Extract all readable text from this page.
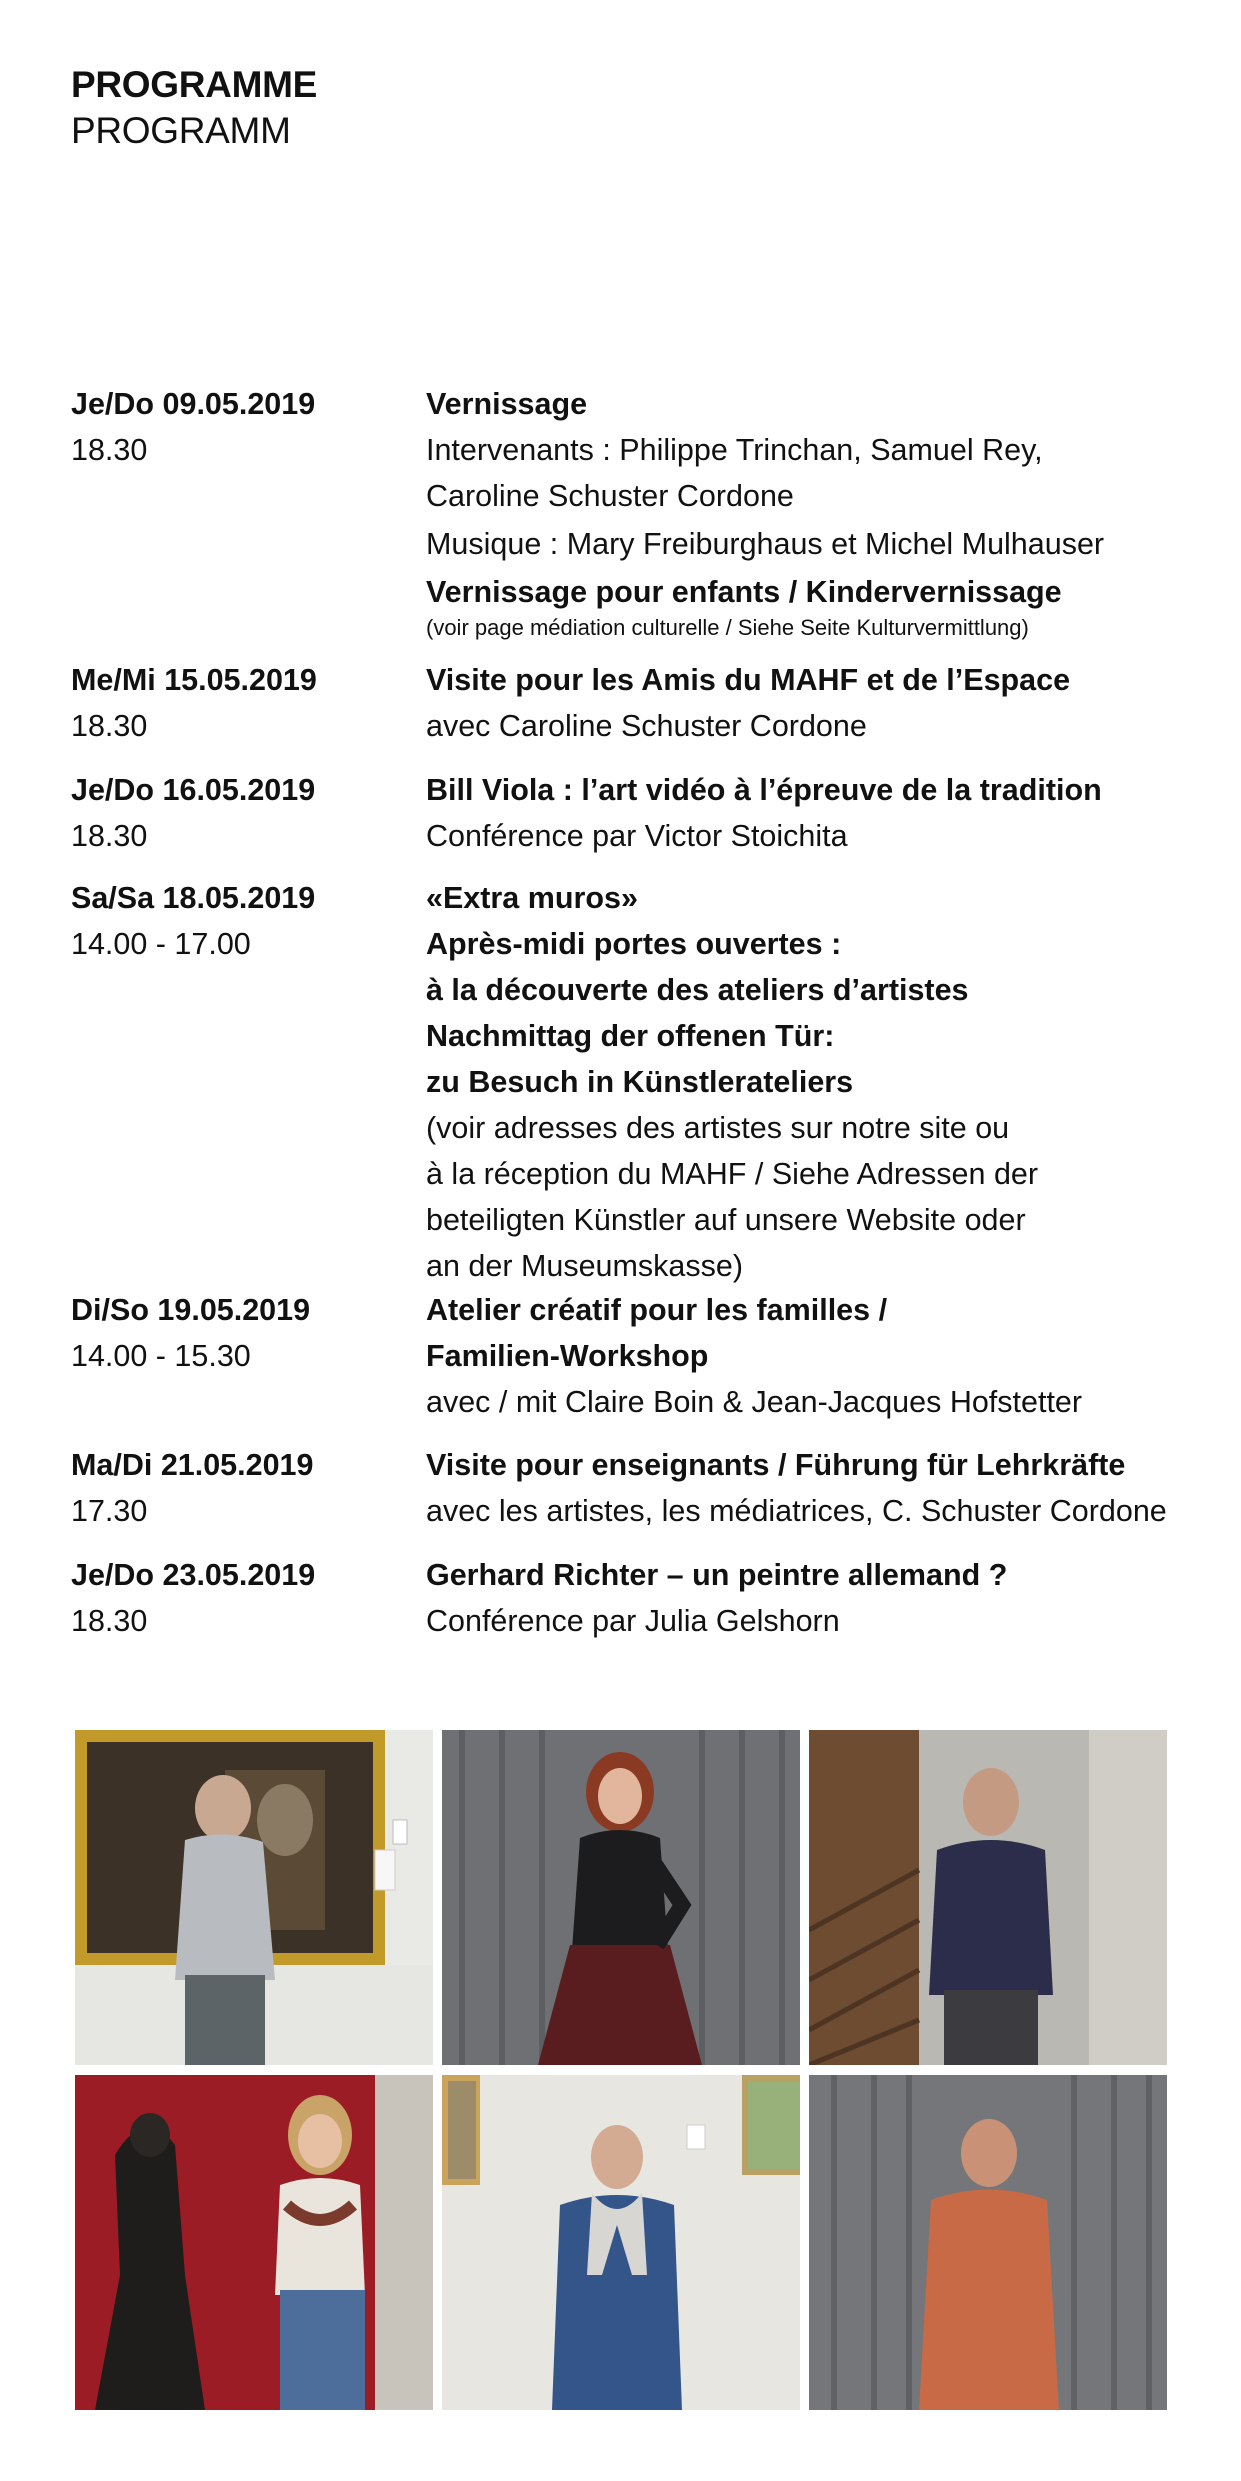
PROGRAMME
PROGRAMM
Je/Do 09.05.2019
18.30
Vernissage
Intervenants : Philippe Trinchan, Samuel Rey,
Caroline Schuster Cordone
Musique : Mary Freiburghaus et Michel Mulhauser
Vernissage pour enfants / Kindervernissage
(voir page médiation culturelle / Siehe Seite Kulturvermittlung)
Me/Mi 15.05.2019
18.30
Visite pour les Amis du MAHF et de l’Espace
avec Caroline Schuster Cordone
Je/Do 16.05.2019
18.30
Bill Viola : l’art vidéo à l’épreuve de la tradition
Conférence par Victor Stoichita
Sa/Sa 18.05.2019
14.00 - 17.00
«Extra muros»
Après-midi portes ouvertes :
à la découverte des ateliers d’artistes
Nachmittag der offenen Tür:
zu Besuch in Künstlerateliers
(voir adresses des artistes sur notre site ou
à la réception du MAHF / Siehe Adressen der
beteiligten Künstler auf unsere Website oder
an der Museumskasse)
Di/So 19.05.2019
14.00 - 15.30
Atelier créatif pour les familles /
Familien-Workshop
avec / mit Claire Boin & Jean-Jacques Hofstetter
Ma/Di 21.05.2019
17.30
Visite pour enseignants / Führung für Lehrkräfte
avec les artistes, les médiatrices, C. Schuster Cordone
Je/Do 23.05.2019
18.30
Gerhard Richter – un peintre allemand ?
Conférence par Julia Gelshorn
